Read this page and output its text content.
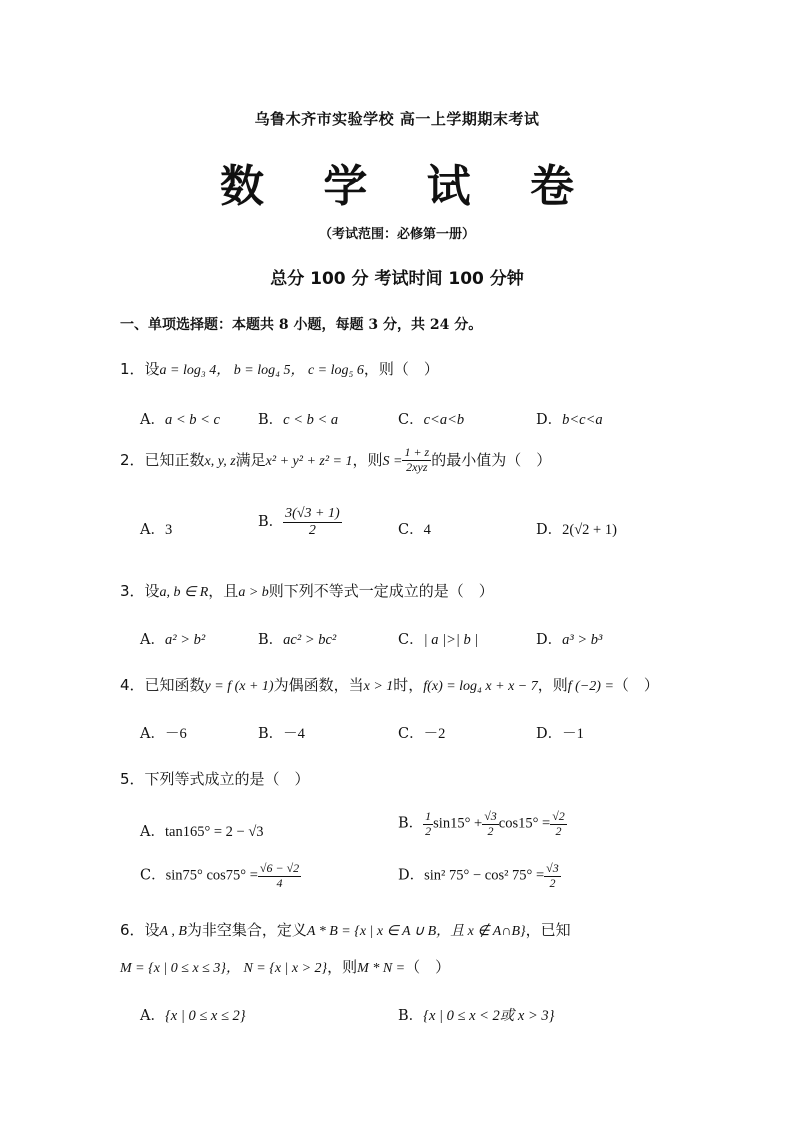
乌鲁木齐市实验学校 高一上学期期末考试
数 学 试 卷
（考试范围：必修第一册）
总分 100 分 考试时间 100 分钟
一、单项选择题：本题共 8 小题，每题 3 分，共 24 分。
1．设a = log₃ 4， b = log₄ 5， c = log₅ 6，则（　）
A．a < b < c	B．c < b < a	C．c<a<b	D．b<c<a
2．已知正数x, y, z满足x² + y² + z² = 1，则$S = \frac{1 + z}{\text{2xyz}}$ 的最小值为（　）
A．3
B． $\frac{3(√3 + 1)}{2}$	C．4	D．2(√2 + 1)
3．设a, b ∈ R，且a > b则下列不等式一定成立的是（　）
A．a² > b²	B．ac² > bc²	C．| a |>| b |	D．a³ > b³
4．已知函数y = f (x + 1)为偶函数，当x > 1时，f(x) = log₄ x + x − 7，则f (−2) =（　）
A．－6	B．－4	C．－2	D．－1
5．下列等式成立的是（　）
A．tan165° = 2 − √3
B． $\frac{1}{2} \sin 15^\circ + \frac{√3}{2} \cos 15^\circ = \frac{√2}{2}$
C．sin75° $\cos 75^\circ = \frac{√6 - √2}{4}$	D．sin² 75° − cos² $75^\circ = \frac{√3}{2}$
6．设A , B为非空集合，定义A * B = {x | x ∈ A ∪ B，且 x ∉ A∩B}，已知
M = {x | 0 ≤ x ≤ 3}， N = {x | x > 2}，则M * N =（　）
A．{x | 0 ≤ x ≤ 2}	B．{x | 0 ≤ x < 2或 x > 3}
